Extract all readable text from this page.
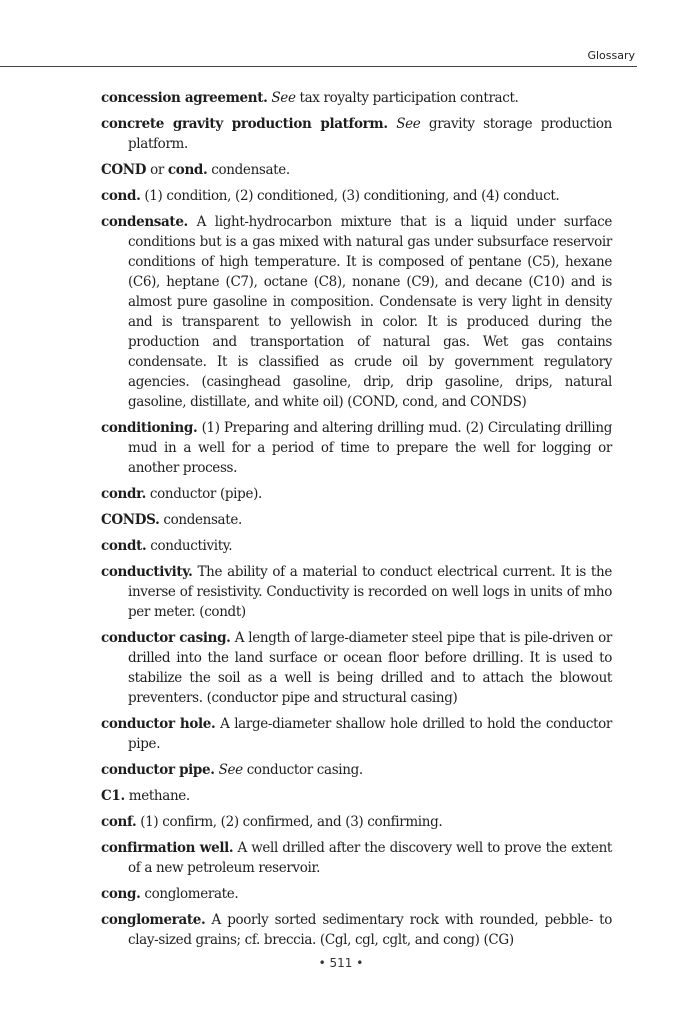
Glossary

concession agreement. See tax royalty participation contract.

concrete gravity production platform. See gravity storage production platform.

COND or cond. condensate.

cond. (1) condition, (2) conditioned, (3) conditioning, and (4) conduct.

condensate. A light-hydrocarbon mixture that is a liquid under surface conditions but is a gas mixed with natural gas under subsurface reservoir conditions of high temperature. It is composed of pentane (C5), hexane (C6), heptane (C7), octane (C8), nonane (C9), and decane (C10) and is almost pure gasoline in composition. Condensate is very light in density and is transparent to yellowish in color. It is produced during the production and transportation of natural gas. Wet gas contains condensate. It is classified as crude oil by government regulatory agencies. (casinghead gasoline, drip, drip gasoline, drips, natural gasoline, distillate, and white oil) (COND, cond, and CONDS)

conditioning. (1) Preparing and altering drilling mud. (2) Circulating drilling mud in a well for a period of time to prepare the well for logging or another process.

condr. conductor (pipe).

CONDS. condensate.

condt. conductivity.

conductivity. The ability of a material to conduct electrical current. It is the inverse of resistivity. Conductivity is recorded on well logs in units of mho per meter. (condt)

conductor casing. A length of large-diameter steel pipe that is pile-driven or drilled into the land surface or ocean floor before drilling. It is used to stabilize the soil as a well is being drilled and to attach the blowout preventers. (conductor pipe and structural casing)

conductor hole. A large-diameter shallow hole drilled to hold the conductor pipe.

conductor pipe. See conductor casing.

C1. methane.

conf. (1) confirm, (2) confirmed, and (3) confirming.

confirmation well. A well drilled after the discovery well to prove the extent of a new petroleum reservoir.

cong. conglomerate.

conglomerate. A poorly sorted sedimentary rock with rounded, pebble- to clay-sized grains; cf. breccia. (Cgl, cgl, cglt, and cong) (CG)

• 511 •
